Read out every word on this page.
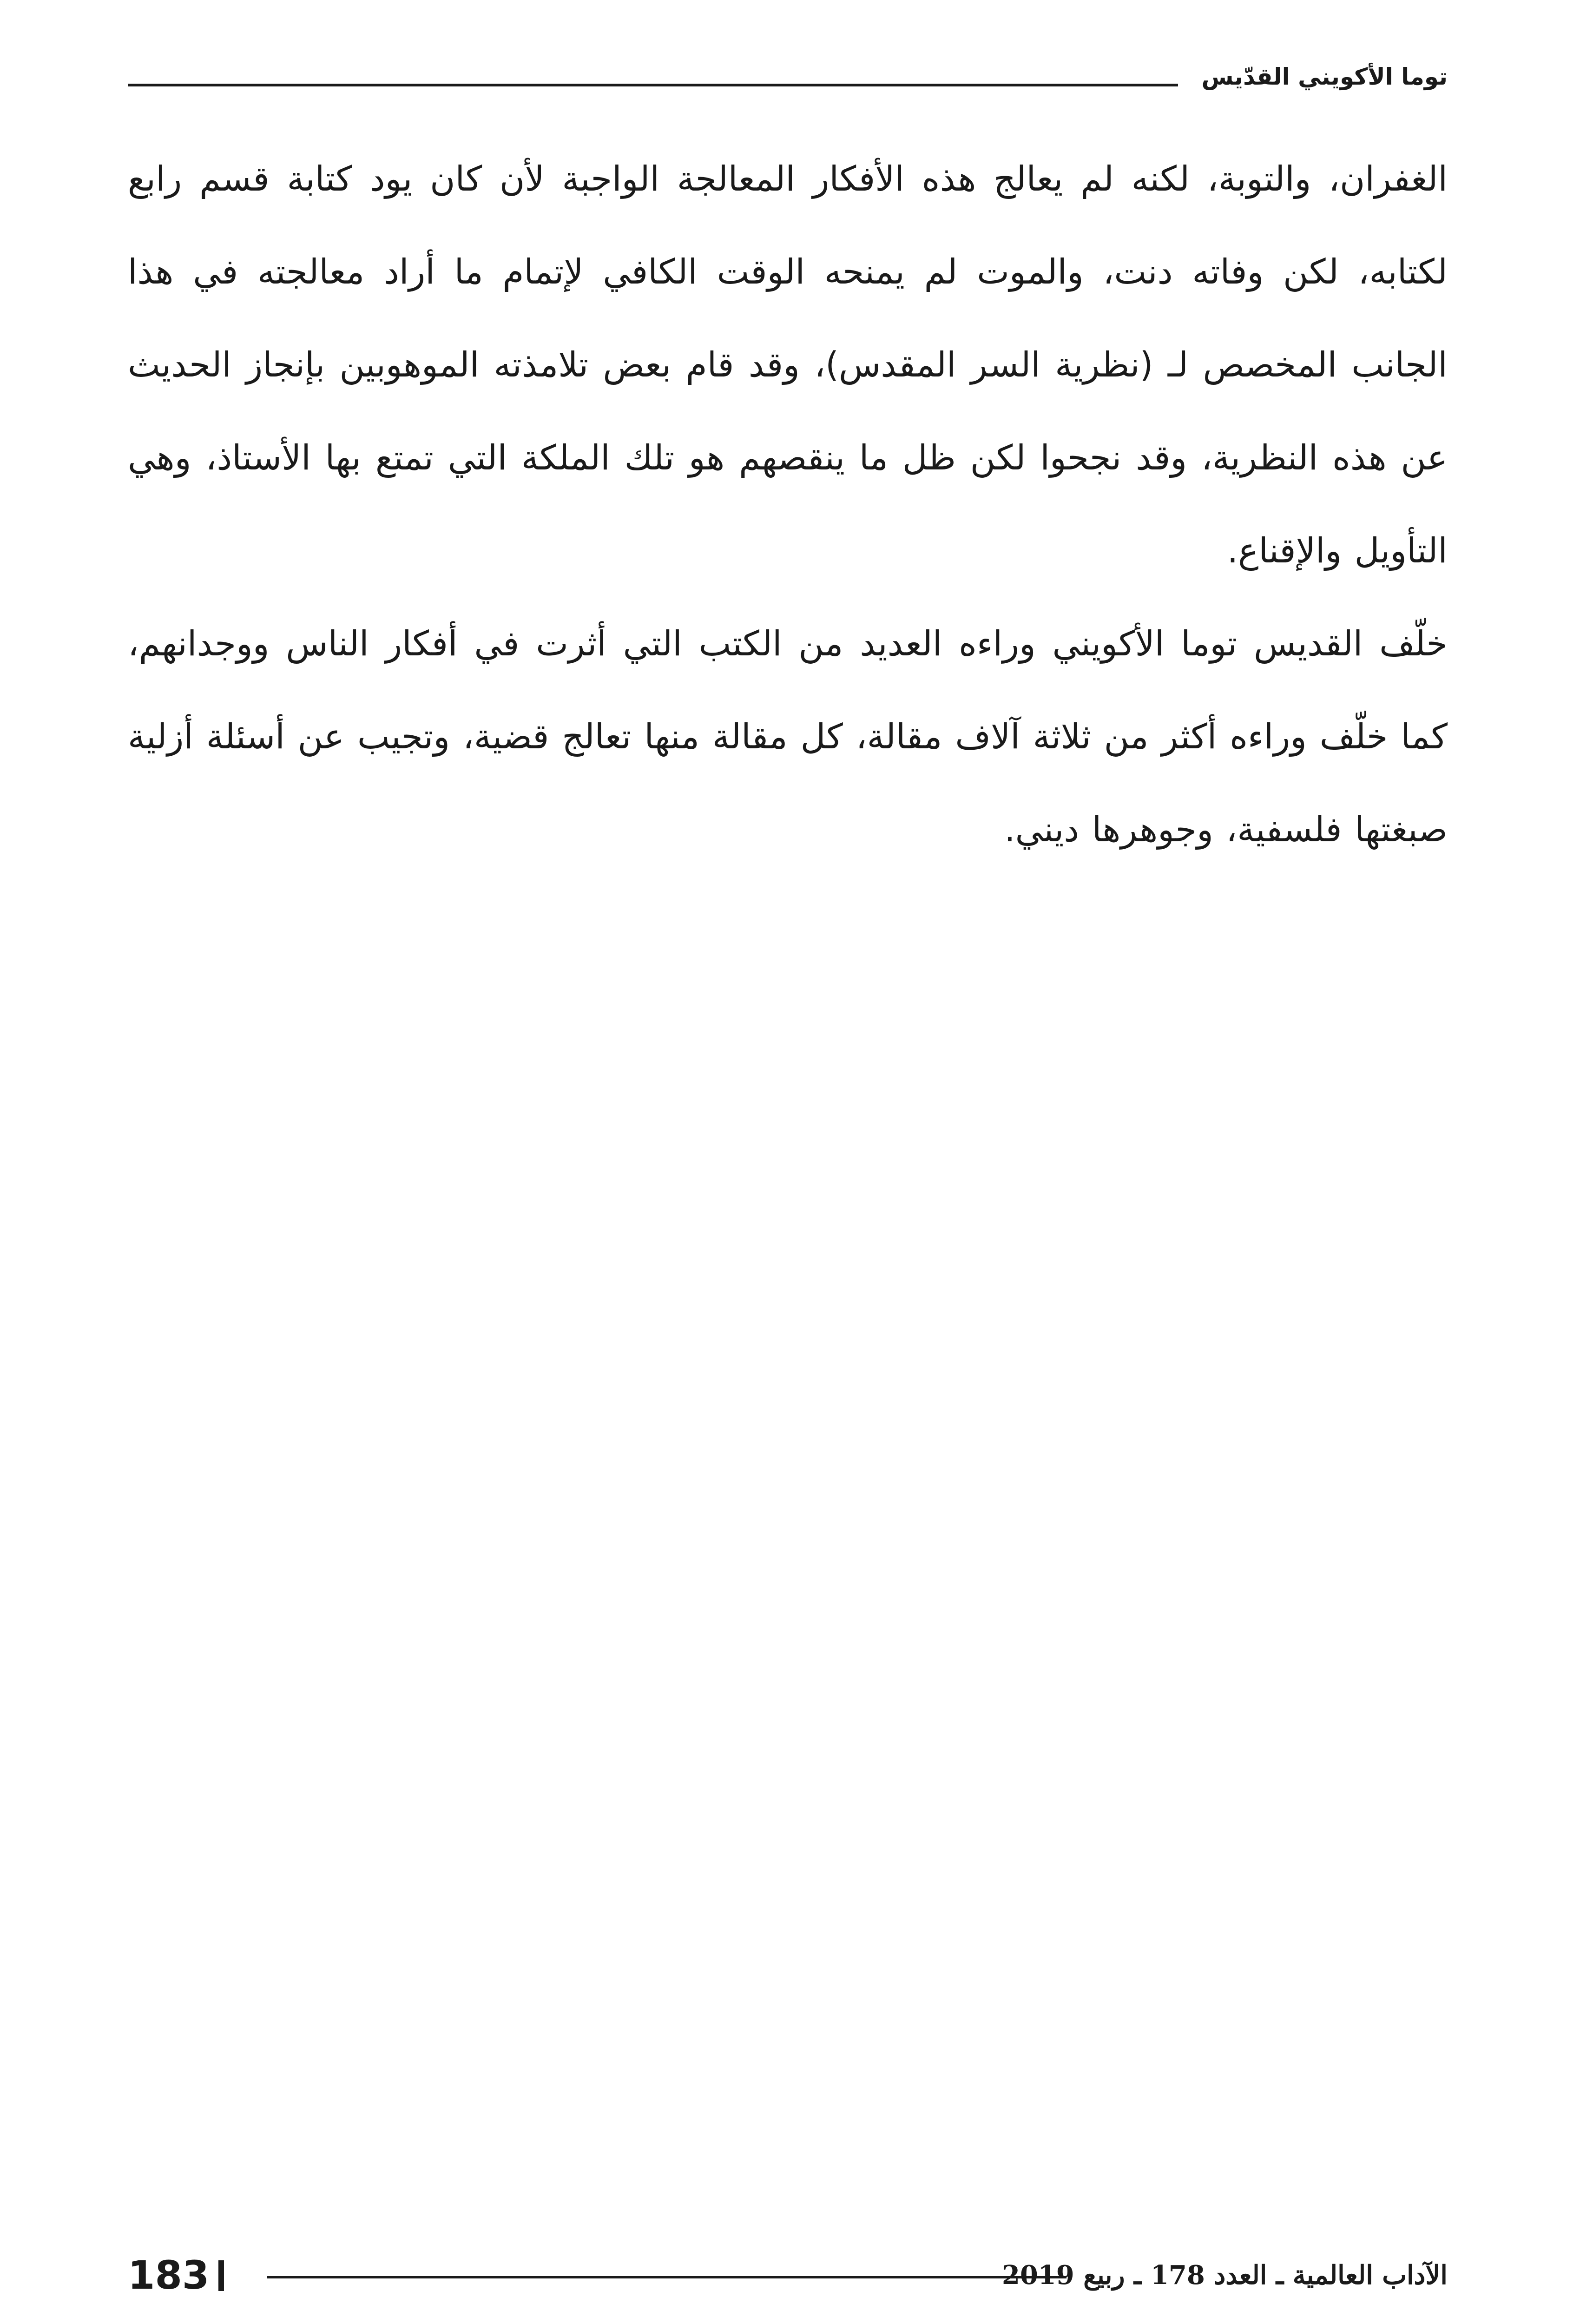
توما الأكويني القدّيس

الغفران، والتوبة، لكنه لم يعالج هذه الأفكار المعالجة الواجبة لأن كان يود كتابة قسم رابع لكتابه، لكن وفاته دنت، والموت لم يمنحه الوقت الكافي لإتمام ما أراد معالجته في هذا الجانب المخصص لـ (نظرية السر المقدس)، وقد قام بعض تلامذته الموهوبين بإنجاز الحديث عن هذه النظرية، وقد نجحوا لكن ظل ما ينقصهم هو تلك الملكة التي تمتع بها الأستاذ، وهي التأويل والإقناع.

خلّف القديس توما الأكويني وراءه العديد من الكتب التي أثرت في أفكار الناس ووجدانهم، كما خلّف وراءه أكثر من ثلاثة آلاف مقالة، كل مقالة منها تعالج قضية، وتجيب عن أسئلة أزلية صبغتها فلسفية، وجوهرها ديني.

183	الآداب العالمية ـ العدد 178 ـ ربيع 2019
